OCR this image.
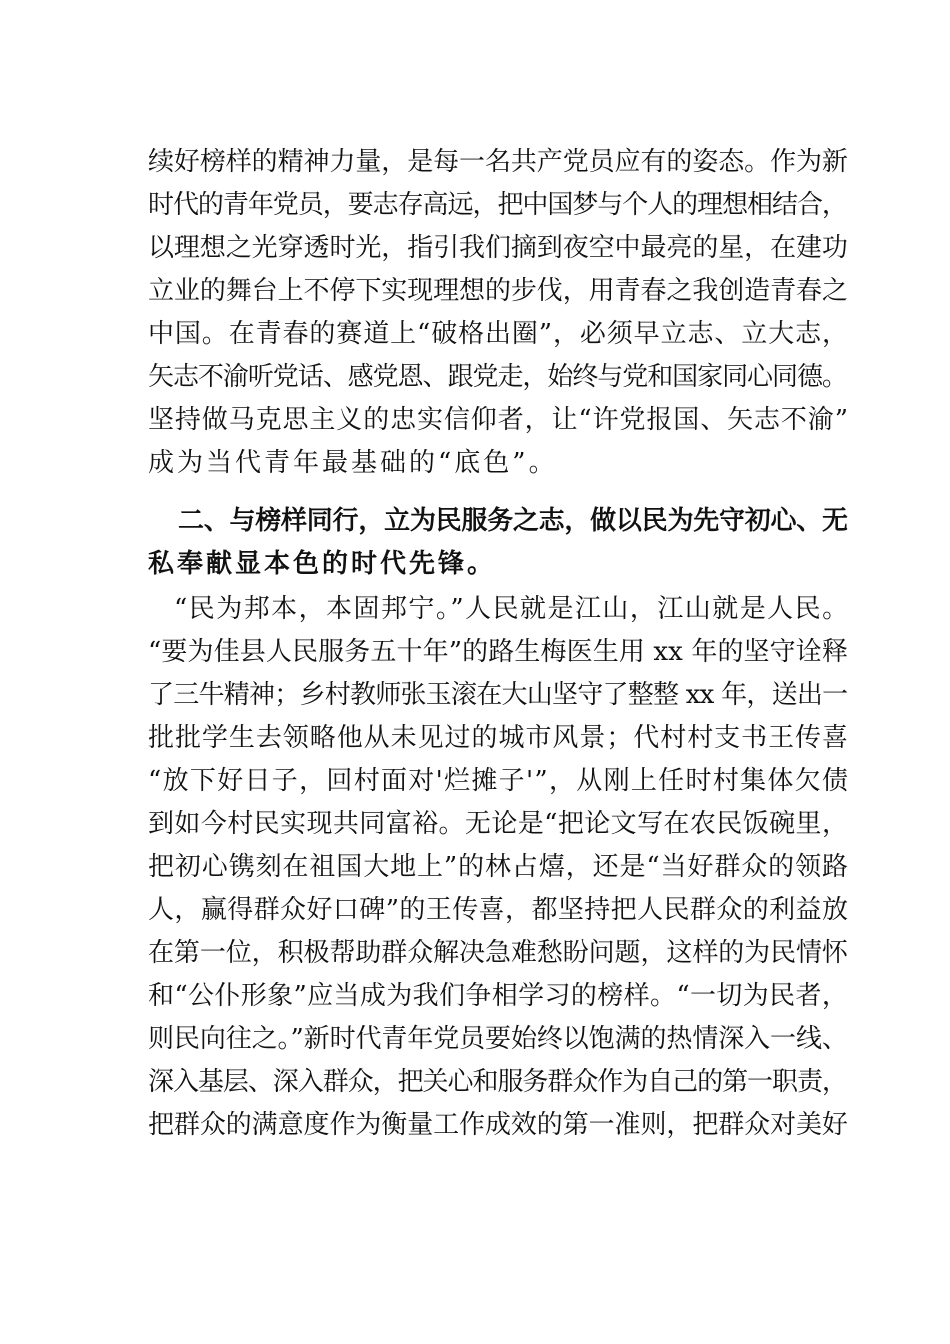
续好榜样的精神力量，是每一名共产党员应有的姿态。作为新
时代的青年党员，要志存高远，把中国梦与个人的理想相结合，
以理想之光穿透时光，指引我们摘到夜空中最亮的星，在建功
立业的舞台上不停下实现理想的步伐，用青春之我创造青春之
中国。在青春的赛道上“破格出圈”，必须早立志、立大志，
矢志不渝听党话、感党恩、跟党走，始终与党和国家同心同德。
坚持做马克思主义的忠实信仰者，让“许党报国、矢志不渝”
成为当代青年最基础的“底色”。
二、与榜样同行，立为民服务之志，做以民为先守初心、无
私奉献显本色的时代先锋。
“民为邦本，本固邦宁。”人民就是江山，江山就是人民。
“要为佳县人民服务五十年”的路生梅医生用 xx 年的坚守诠释
了三牛精神；乡村教师张玉滚在大山坚守了整整 xx 年，送出一
批批学生去领略他从未见过的城市风景；代村村支书王传喜
“放下好日子，回村面对'烂摊子'”，从刚上任时村集体欠债
到如今村民实现共同富裕。无论是“把论文写在农民饭碗里，
把初心镌刻在祖国大地上”的林占熺，还是“当好群众的领路
人，赢得群众好口碑”的王传喜，都坚持把人民群众的利益放
在第一位，积极帮助群众解决急难愁盼问题，这样的为民情怀
和“公仆形象”应当成为我们争相学习的榜样。“一切为民者，
则民向往之。”新时代青年党员要始终以饱满的热情深入一线、
深入基层、深入群众，把关心和服务群众作为自己的第一职责，
把群众的满意度作为衡量工作成效的第一准则，把群众对美好
